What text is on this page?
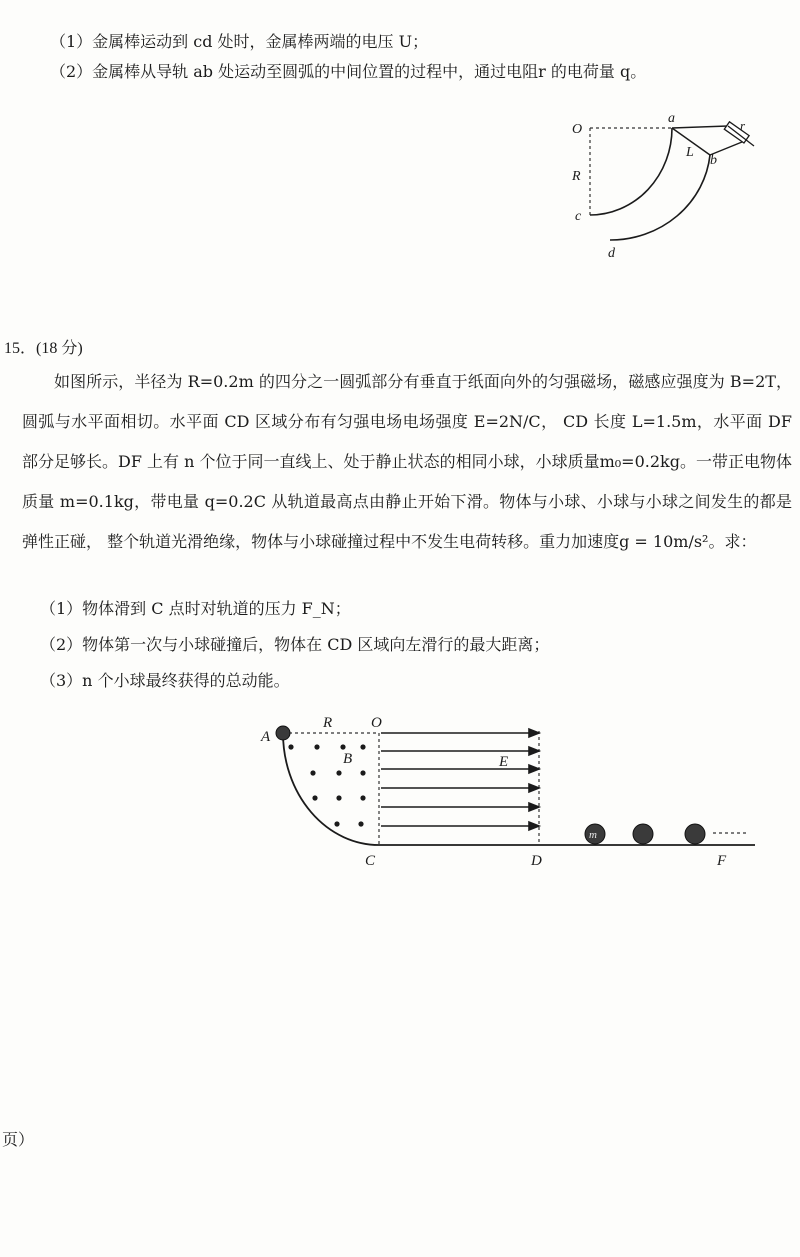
（1）金属棒运动到 cd 处时，金属棒两端的电压 U；
（2）金属棒从导轨 ab 处运动至圆弧的中间位置的过程中，通过电阻r 的电荷量 q。
O
a	r
L
b
R
c
d
15．(18 分)
如图所示，半径为 R=0.2m 的四分之一圆弧部分有垂直于纸面向外的匀强磁场，磁感应强度为 B=2T，圆弧与水平面相切。水平面 CD 区域分布有匀强电场电场强度 E=2N/C， CD 长度 L=1.5m，水平面 DF 部分足够长。DF 上有 n 个位于同一直线上、处于静止状态的相同小球，小球质量m₀=0.2kg。一带正电物体质量 m=0.1kg，带电量 q=0.2C 从轨道最高点由静止开始下滑。物体与小球、小球与小球之间发生的都是弹性正碰， 整个轨道光滑绝缘，物体与小球碰撞过程中不发生电荷转移。重力加速度g = 10m/s²。求：
（1）物体滑到 C 点时对轨道的压力 F_N；
（2）物体第一次与小球碰撞后，物体在 CD 区域向左滑行的最大距离；
（3）n 个小球最终获得的总动能。
A
R	O
B	E
C	D	F
m
页）
